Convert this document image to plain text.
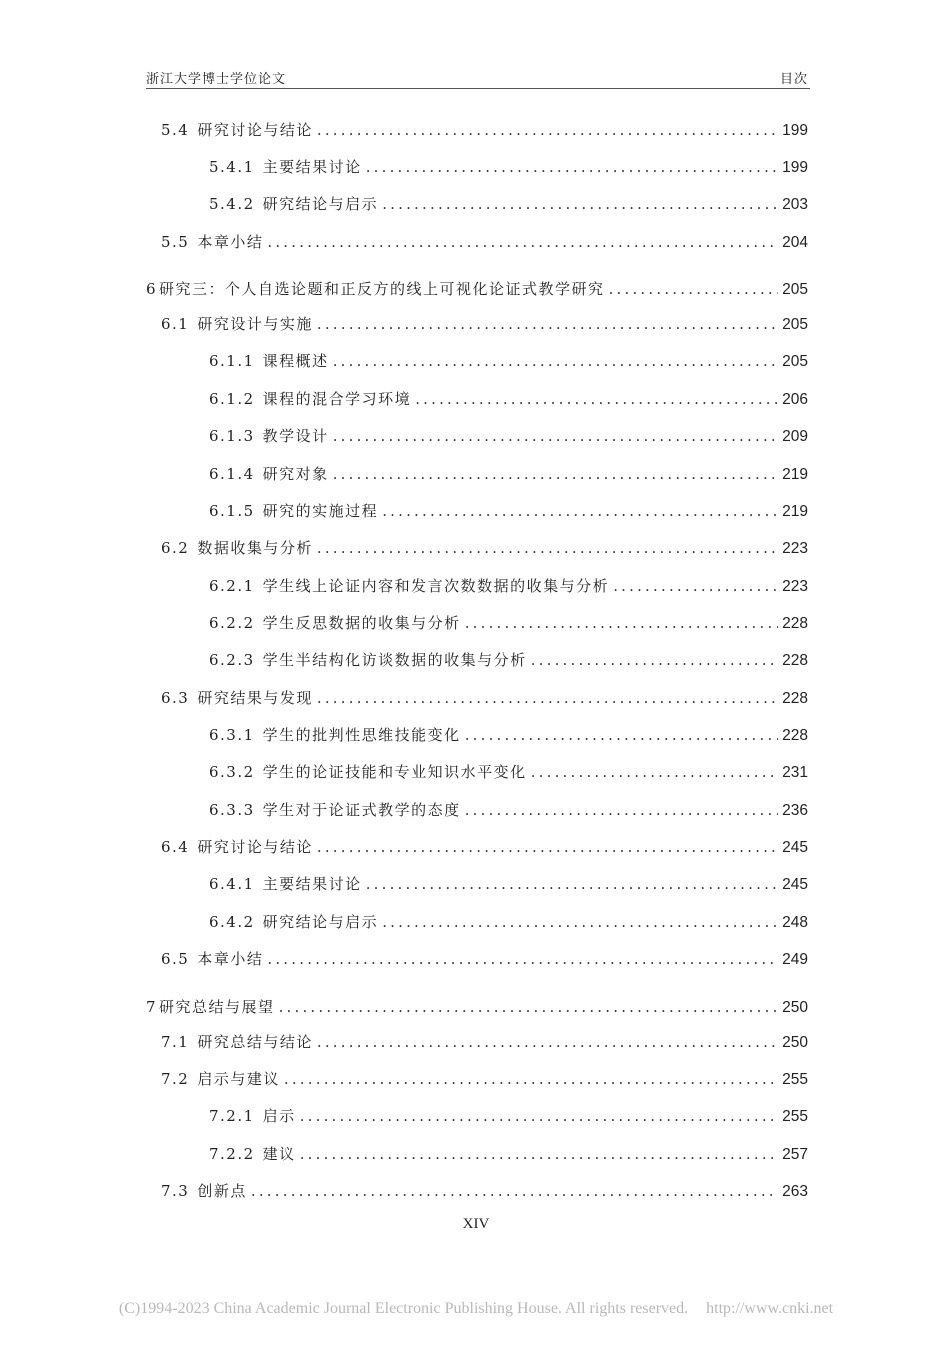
浙江大学博士学位论文	目次
5.4 研究讨论与结论 .....	199
5.4.1 主要结果讨论 .....	199
5.4.2 研究结论与启示 .....	203
5.5 本章小结 .....	204
6 研究三：个人自选论题和正反方的线上可视化论证式教学研究 .....	205
6.1 研究设计与实施 .....	205
6.1.1 课程概述 .....	205
6.1.2 课程的混合学习环境 .....	206
6.1.3 教学设计 .....	209
6.1.4 研究对象 .....	219
6.1.5 研究的实施过程 .....	219
6.2 数据收集与分析 .....	223
6.2.1 学生线上论证内容和发言次数数据的收集与分析 .....	223
6.2.2 学生反思数据的收集与分析 .....	228
6.2.3 学生半结构化访谈数据的收集与分析 .....	228
6.3 研究结果与发现 .....	228
6.3.1 学生的批判性思维技能变化 .....	228
6.3.2 学生的论证技能和专业知识水平变化 .....	231
6.3.3 学生对于论证式教学的态度 .....	236
6.4 研究讨论与结论 .....	245
6.4.1 主要结果讨论 .....	245
6.4.2 研究结论与启示 .....	248
6.5 本章小结 .....	249
7 研究总结与展望 .....	250
7.1 研究总结与结论 .....	250
7.2 启示与建议 .....	255
7.2.1 启示 .....	255
7.2.2 建议 .....	257
7.3 创新点 .....	263
XIV
(C)1994-2023 China Academic Journal Electronic Publishing House. All rights reserved. http://www.cnki.net
